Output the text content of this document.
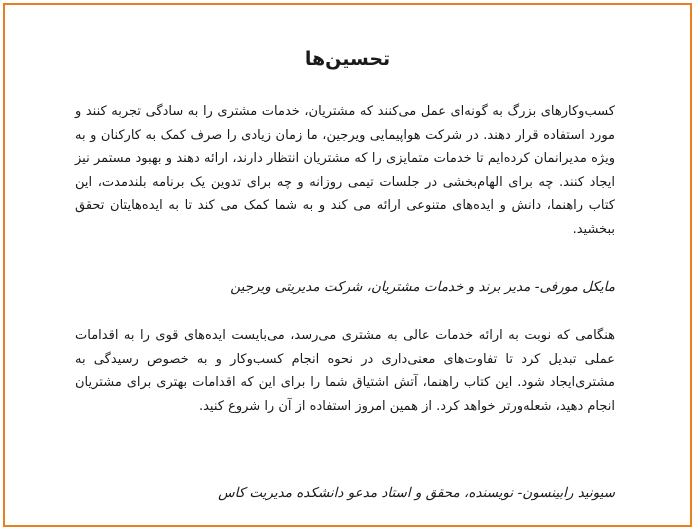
تحسین‌ها

کسب‌وکارهای بزرگ به گونه‌ای عمل می‌کنند که مشتریان، خدمات مشتری را به سادگی تجربه کنند و مورد استفاده قرار دهند. در شرکت هواپیمایی ویرجین، ما زمان زیادی را صرف کمک به کارکنان و به ویژه مدیرانمان کرده‌ایم تا خدمات متمایزی را که مشتریان انتظار دارند، ارائه دهند و بهبود مستمر نیز ایجاد کنند. چه برای الهام‌بخشی در جلسات تیمی روزانه و چه برای تدوین یک برنامه بلندمدت، این کتاب راهنما، دانش و ایده‌های متنوعی ارائه می کند و به شما کمک می کند تا به ایده‌هایتان تحقق ببخشید.

مایکل مورفی- مدیر برند و خدمات مشتریان، شرکت مدیریتی ویرجین

هنگامی که نوبت به ارائه خدمات عالی به مشتری می‌رسد، می‌بایست ایده‌های قوی را به اقدامات عملی تبدیل کرد تا تفاوت‌های معنی‌داری در نحوه انجام کسب‌وکار و به خصوص رسیدگی به مشتری‌ایجاد شود. این کتاب راهنما، آتش اشتیاق شما را برای این که اقدامات بهتری برای مشتریان انجام دهید، شعله‌ورتر خواهد کرد. از همین امروز استفاده از آن را شروع کنید.

سیونید رابینسون- نویسنده، محقق و استاد مدعو دانشکده مدیریت کاس
